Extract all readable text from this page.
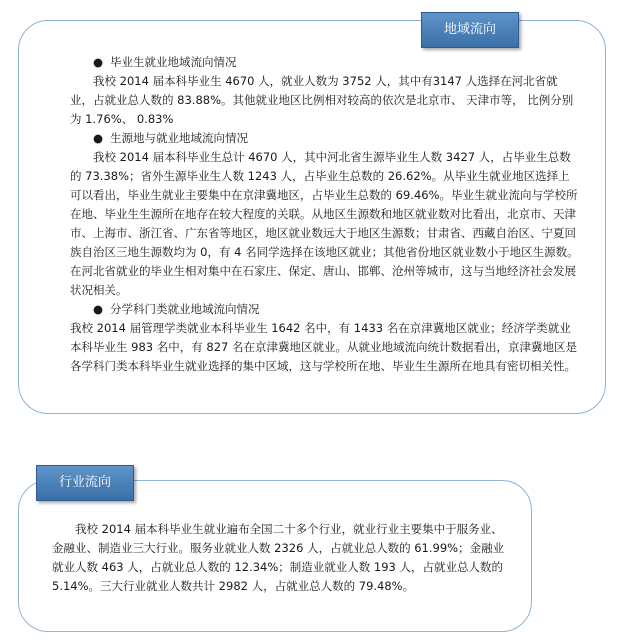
地域流向
● 毕业生就业地域流向情况

我校 2014 届本科毕业生 4670 人，就业人数为 3752 人，其中有3147 人选择在河北省就业，占就业总人数的 83.88%。其他就业地区比例相对较高的依次是北京市、 天津市等， 比例分别为 1.76%、 0.83%

● 生源地与就业地域流向情况

我校 2014 届本科毕业生总计 4670 人，其中河北省生源毕业生人数 3427 人，占毕业生总数的 73.38%；省外生源毕业生人数 1243 人，占毕业生总数的 26.62%。从毕业生就业地区选择上可以看出，毕业生就业主要集中在京津冀地区，占毕业生总数的 69.46%。毕业生就业流向与学校所在地、毕业生生源所在地存在较大程度的关联。从地区生源数和地区就业数对比看出，北京市、天津市、上海市、浙江省、广东省等地区，地区就业数远大于地区生源数；甘肃省、西藏自治区、宁夏回族自治区三地生源数均为 0，有 4 名同学选择在该地区就业；其他省份地区就业数小于地区生源数。在河北省就业的毕业生相对集中在石家庄、保定、唐山、邯郸、沧州等城市，这与当地经济社会发展状况相关。

● 分学科门类就业地域流向情况

我校 2014 届管理学类就业本科毕业生 1642 名中，有 1433 名在京津冀地区就业；经济学类就业本科毕业生 983 名中，有 827 名在京津冀地区就业。从就业地域流向统计数据看出，京津冀地区是各学科门类本科毕业生就业选择的集中区域，这与学校所在地、毕业生生源所在地具有密切相关性。

行业流向

我校 2014 届本科毕业生就业遍布全国二十多个行业，就业行业主要集中于服务业、金融业、制造业三大行业。服务业就业人数 2326 人，占就业总人数的 61.99%；金融业就业人数 463 人，占就业总人数的 12.34%；制造业就业人数 193 人，占就业总人数的 5.14%。三大行业就业人数共计 2982 人，占就业总人数的 79.48%。
